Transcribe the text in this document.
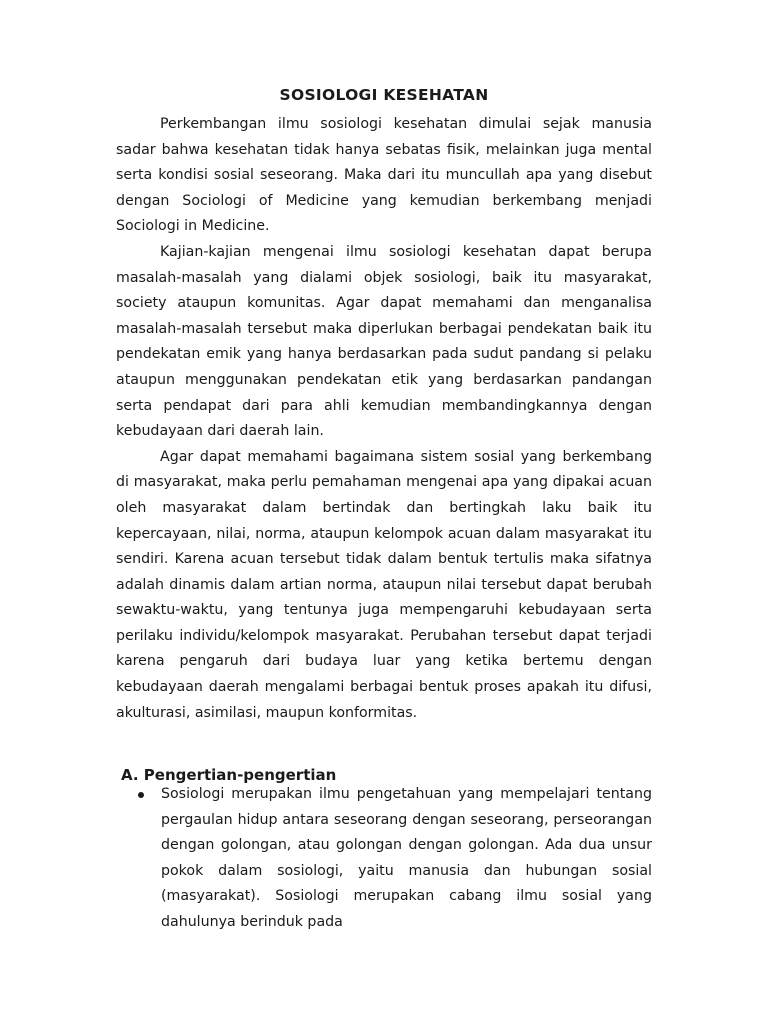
SOSIOLOGI KESEHATAN

Perkembangan ilmu sosiologi kesehatan dimulai sejak manusia sadar bahwa kesehatan tidak hanya sebatas fisik, melainkan juga mental serta kondisi sosial seseorang. Maka dari itu muncullah apa yang disebut dengan Sociologi of Medicine yang kemudian berkembang menjadi Sociologi in Medicine.

Kajian-kajian mengenai ilmu sosiologi kesehatan dapat berupa masalah-masalah yang dialami objek sosiologi, baik itu masyarakat, society ataupun komunitas. Agar dapat memahami dan menganalisa masalah-masalah tersebut maka diperlukan berbagai pendekatan baik itu pendekatan emik yang hanya berdasarkan pada sudut pandang si pelaku ataupun menggunakan pendekatan etik yang berdasarkan pandangan serta pendapat dari para ahli kemudian membandingkannya dengan kebudayaan dari daerah lain.

Agar dapat memahami bagaimana sistem sosial yang berkembang di masyarakat, maka perlu pemahaman mengenai apa yang dipakai acuan oleh masyarakat dalam bertindak dan bertingkah laku baik itu kepercayaan, nilai, norma, ataupun kelompok acuan dalam masyarakat itu sendiri. Karena acuan tersebut tidak dalam bentuk tertulis maka sifatnya adalah dinamis dalam artian norma, ataupun nilai tersebut dapat berubah sewaktu-waktu, yang tentunya juga mempengaruhi kebudayaan serta perilaku individu/kelompok masyarakat. Perubahan tersebut dapat terjadi karena pengaruh dari budaya luar yang ketika bertemu dengan kebudayaan daerah mengalami berbagai bentuk proses apakah itu difusi, akulturasi, asimilasi, maupun konformitas.

A. Pengertian-pengertian
Sosiologi merupakan ilmu pengetahuan yang mempelajari tentang pergaulan hidup antara seseorang dengan seseorang, perseorangan dengan golongan, atau golongan dengan golongan. Ada dua unsur pokok dalam sosiologi, yaitu manusia dan hubungan sosial (masyarakat). Sosiologi merupakan cabang ilmu sosial yang dahulunya berinduk pada
